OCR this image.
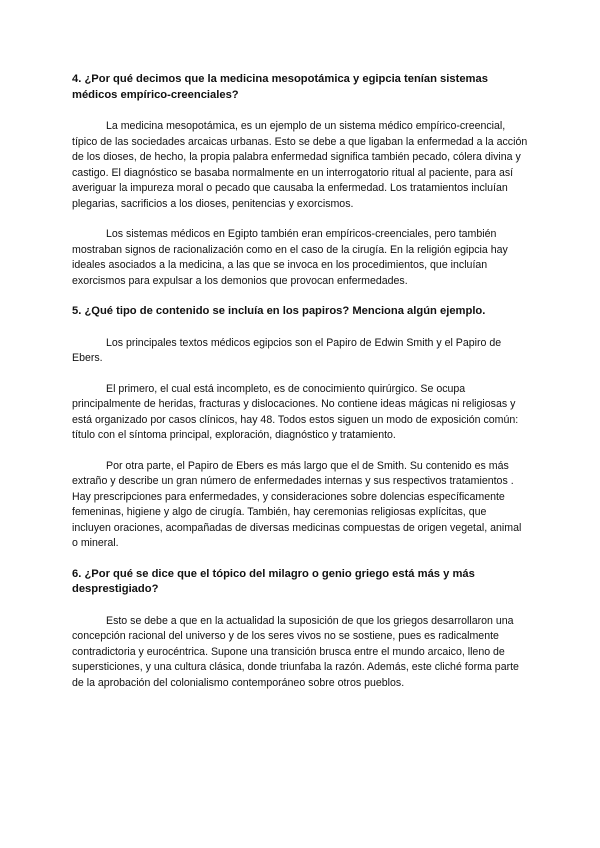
4. ¿Por qué decimos que la medicina mesopotámica y egipcia tenían sistemas médicos empírico-creenciales?

La medicina mesopotámica, es un ejemplo de un sistema médico empírico-creencial, típico de las sociedades arcaicas urbanas. Esto se debe a que ligaban la enfermedad a la acción de los dioses, de hecho, la propia palabra enfermedad significa también pecado, cólera divina y castigo. El diagnóstico se basaba normalmente en un interrogatorio ritual al paciente, para así averiguar la impureza moral o pecado que causaba la enfermedad. Los tratamientos incluían plegarias, sacrificios a los dioses, penitencias y exorcismos.

Los sistemas médicos en Egipto también eran empíricos-creenciales, pero también mostraban signos de racionalización como en el caso de la cirugía. En la religión egipcia hay ideales asociados a la medicina, a las que se invoca en los procedimientos, que incluían exorcismos para expulsar a los demonios que provocan enfermedades.

5. ¿Qué tipo de contenido se incluía en los papiros? Menciona algún ejemplo.

Los principales textos médicos egipcios son el Papiro de Edwin Smith y el Papiro de Ebers.

El primero, el cual está incompleto, es de conocimiento quirúrgico. Se ocupa principalmente de heridas, fracturas y dislocaciones. No contiene ideas mágicas ni religiosas y está organizado por casos clínicos, hay 48. Todos estos siguen un modo de exposición común: título con el síntoma principal, exploración, diagnóstico y tratamiento.

Por otra parte, el Papiro de Ebers es más largo que el de Smith. Su contenido es más extraño y describe un gran número de enfermedades internas y sus respectivos tratamientos . Hay prescripciones para enfermedades, y consideraciones sobre dolencias específicamente femeninas, higiene y algo de cirugía. También, hay ceremonias religiosas explícitas, que incluyen oraciones, acompañadas de diversas medicinas compuestas de origen vegetal, animal o mineral.

6. ¿Por qué se dice que el tópico del milagro o genio griego está más y más desprestigiado?

Esto se debe a que en la actualidad la suposición de que los griegos desarrollaron una concepción racional del universo y de los seres vivos no se sostiene, pues es radicalmente contradictoria y eurocéntrica. Supone una transición brusca entre el mundo arcaico, lleno de supersticiones, y una cultura clásica, donde triunfaba la razón. Además, este cliché forma parte de la aprobación del colonialismo contemporáneo sobre otros pueblos.
